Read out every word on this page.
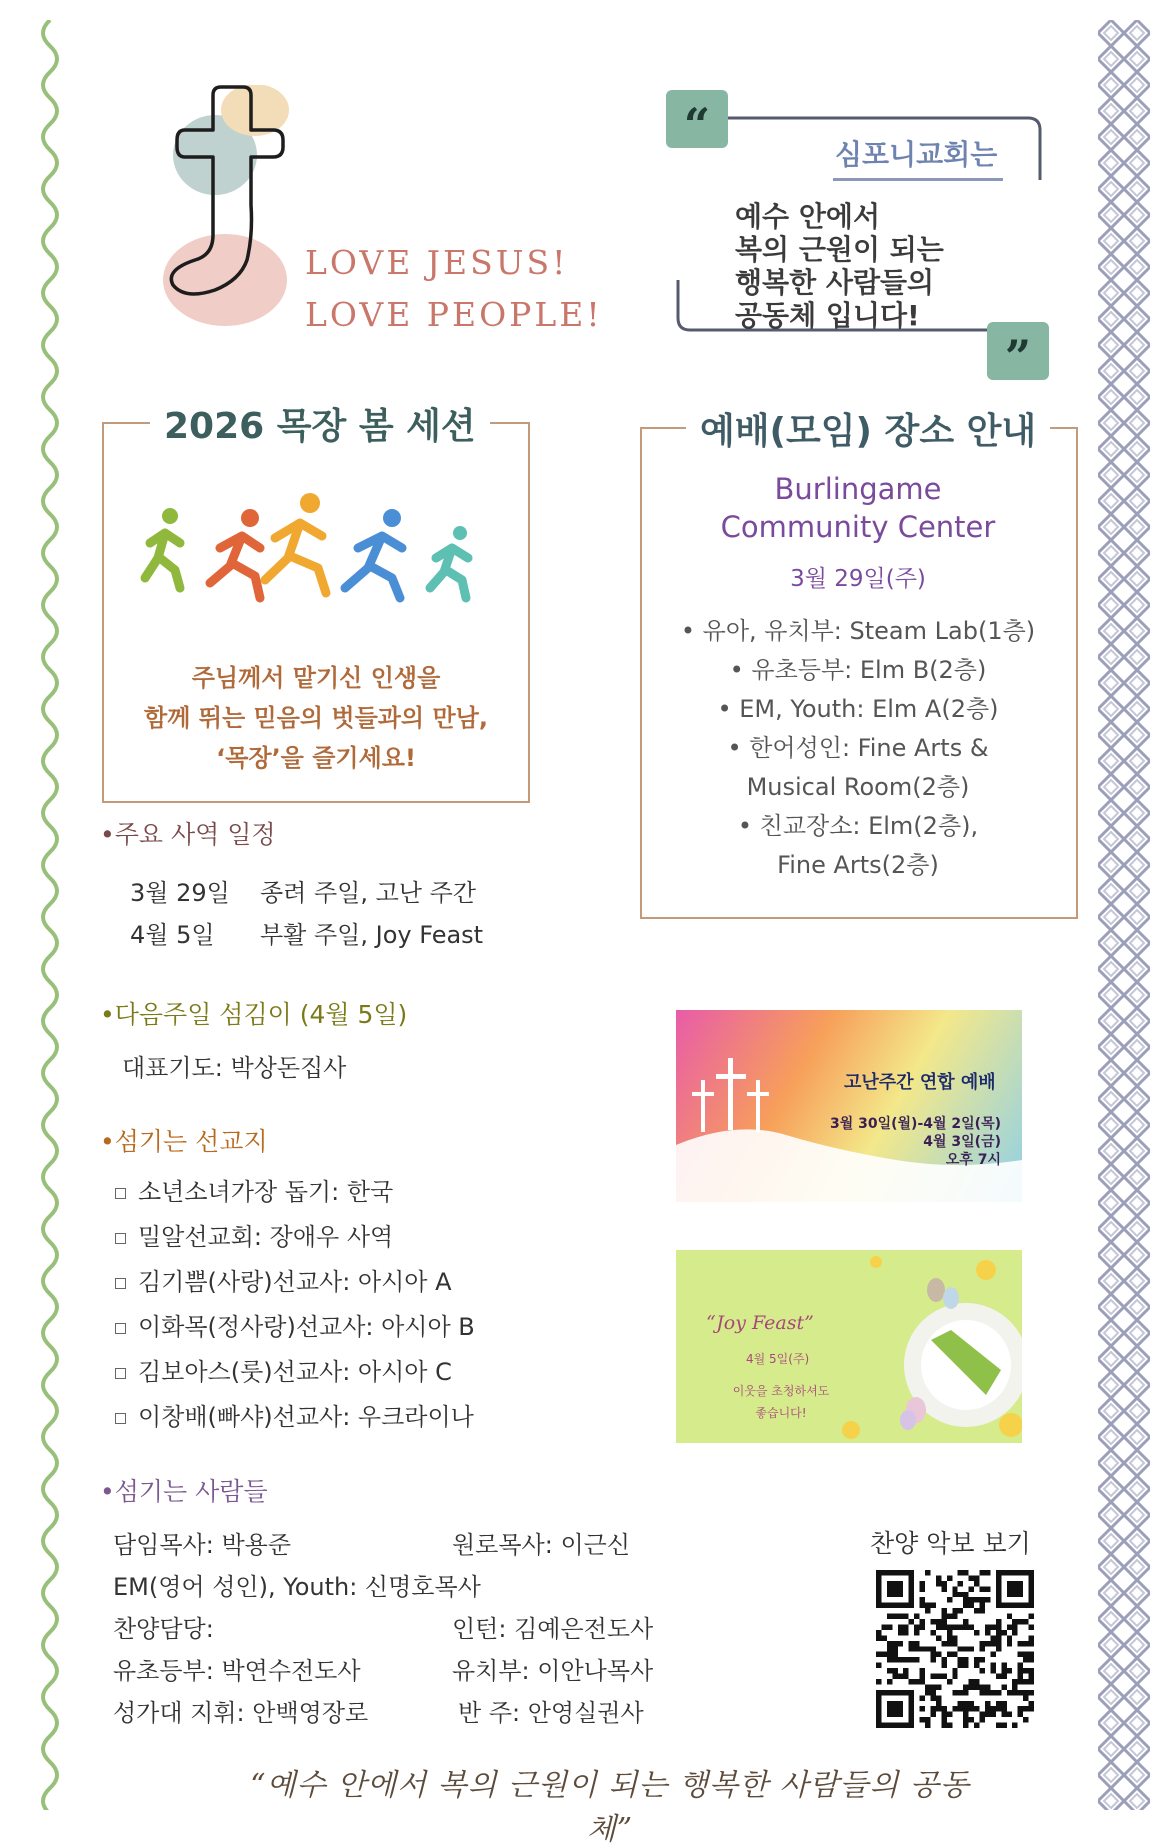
LOVE JESUS!
LOVE PEOPLE!
“
”
심포니교회는
예수 안에서
복의 근원이 되는
행복한 사람들의
공동체 입니다!
2026 목장 봄 세션
주님께서 맡기신 인생을
함께 뛰는 믿음의 벗들과의 만남,
‘목장’을 즐기세요!
예배(모임) 장소 안내
Burlingame
Community Center
3월 29일(주)
• 유아, 유치부: Steam Lab(1층)
• 유초등부: Elm B(2층)
• EM, Youth: Elm A(2층)
• 한어성인: Fine Arts &
Musical Room(2층)
• 친교장소: Elm(2층),
Fine Arts(2층)
•주요 사역 일정
3월 29일 종려 주일, 고난 주간
4월 5일 부활 주일, Joy Feast
•다음주일 섬김이 (4월 5일)
대표기도: 박상돈집사
•섬기는 선교지
소년소녀가장 돕기: 한국
밀알선교회: 장애우 사역
김기쁨(사랑)선교사: 아시아 A
이화목(정사랑)선교사: 아시아 B
김보아스(룻)선교사: 아시아 C
이창배(빠샤)선교사: 우크라이나
•섬기는 사람들
담임목사: 박용준	원로목사: 이근신
EM(영어 성인), Youth: 신명호목사
찬양담당:	인턴: 김예은전도사
유초등부: 박연수전도사	유치부: 이안나목사
성가대 지휘: 안백영장로	반 주: 안영실권사
고난주간 연합 예배
3월 30일(월)-4월 2일(목)
4월 3일(금)
오후 7시
“Joy Feast”
4월 5일(주)
이웃을 초청하셔도
좋습니다!
찬양 악보 보기
“예수 안에서 복의 근원이 되는 행복한 사람들의 공동체”
